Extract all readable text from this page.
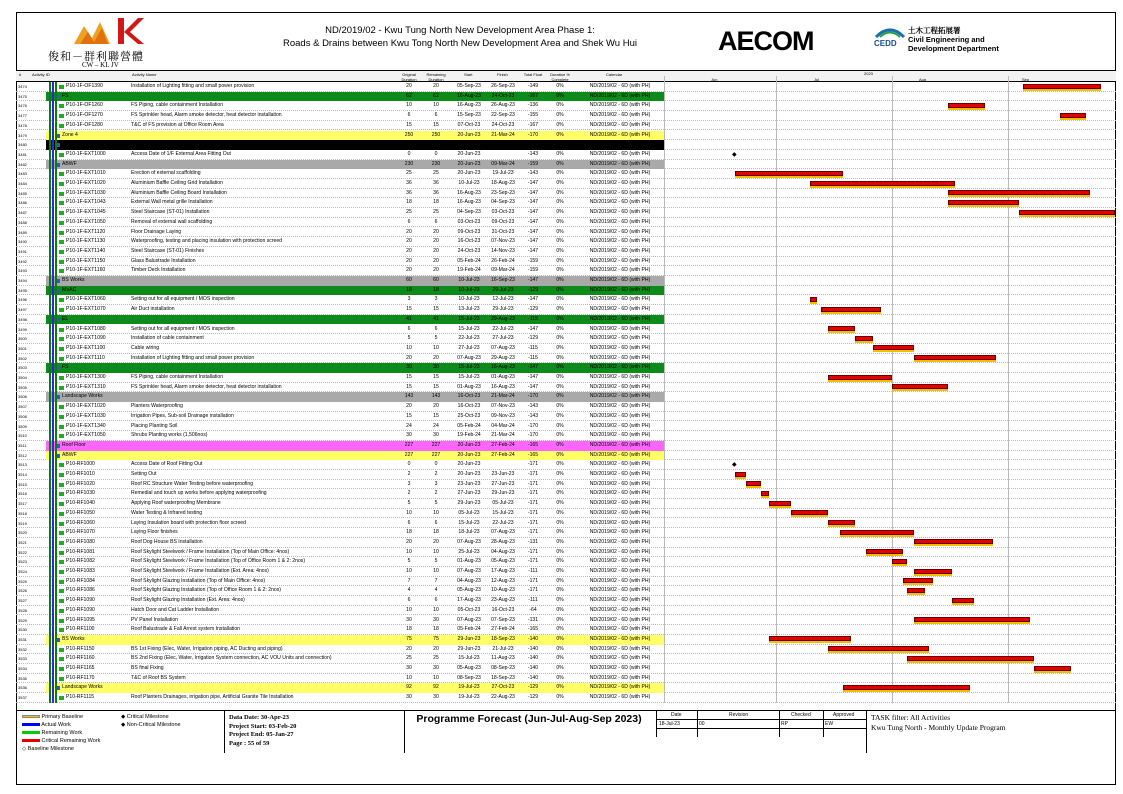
俊和－群利聯營體
CW – KL JV
ND/2019/02 - Kwu Tung North New Development Area Phase 1:
Roads & Drains between Kwu Tong North New Development Area and Shek Wu Hui	AECOM	CEDD
土木工程拓展署
Civil Engineering and
Development Department
#	Activity ID	Activity Name	Original Duration
Remaining Duration
Start	Finish	Total Float	Duration % Complete
Calendar	2023
Jun	Jul	Aug	Sep
3474	P10-1F-OF1390	Installation of Lighting fitting and small power provision	20	20	05-Sep-23	26-Sep-23	-149	0%	ND/2019/02 - 6D (with PH)
3475	FS	62	62	16-Aug-23	24-Oct-23	-167	0%	ND/2019/02 - 6D (with PH)
3476	P10-1F-OF1260	FS Piping, cable containment Installation	10	10	16-Aug-23	26-Aug-23	-136	0%	ND/2019/02 - 6D (with PH)
3477	P10-1F-OF1270	FS Sprinkler head, Alarm smoke detector, heat detector installation	6	6	15-Sep-23	22-Sep-23	-155	0%	ND/2019/02 - 6D (with PH)
3478	P10-1F-OF1280	T&C of FS provision at Office Room Area	15	15	07-Oct-23	24-Oct-23	-167	0%	ND/2019/02 - 6D (with PH)
3479	Zone 4	250	250	20-Jun-23	21-Mar-24	-170	0%	ND/2019/02 - 6D (with PH)
3480	External Area	250	250	20-Jun-23	21-Mar-24	-170	0%	ND/2019/02 - 6D (with PH)
3481	P10-1F-EXT1000	Access Date of 1/F External Area Fitting Out	0	0	20-Jun-23	-143	0%	ND/2019/02 - 6D (with PH)
3482	ABWF	230	230	20-Jun-23	09-Mar-24	-159	0%	ND/2019/02 - 6D (with PH)
3483	P10-1F-EXT1010	Erection of external scaffolding	25	25	20-Jun-23	19-Jul-23	-143	0%	ND/2019/02 - 6D (with PH)
3484	P10-1F-EXT1020	Aluminium Baffle Ceiling Grid Installation	36	36	10-Jul-23	18-Aug-23	-147	0%	ND/2019/02 - 6D (with PH)
3485	P10-1F-EXT1030	Aluminium Baffle Ceiling Board Installation	36	36	16-Aug-23	23-Sep-23	-147	0%	ND/2019/02 - 6D (with PH)
3486	P10-1F-EXT1043	External Wall metal grille Installation	18	18	16-Aug-23	04-Sep-23	-147	0%	ND/2019/02 - 6D (with PH)
3487	P10-1F-EXT1045	Steel Staircase (ST-01) Installation	25	25	04-Sep-23	03-Oct-23	-147	0%	ND/2019/02 - 6D (with PH)
3488	P10-1F-EXT1050	Removal of external wall scaffolding	6	6	03-Oct-23	09-Oct-23	-147	0%	ND/2019/02 - 6D (with PH)
3489	P10-1F-EXT1120	Floor Drainage Laying	20	20	09-Oct-23	31-Oct-23	-147	0%	ND/2019/02 - 6D (with PH)
3490	P10-1F-EXT1130	Waterproofing, testing and placing insulation with protection screed	20	20	16-Oct-23	07-Nov-23	-147	0%	ND/2019/02 - 6D (with PH)
3491	P10-1F-EXT1140	Steel Staircase (ST-01) Finishes	20	20	24-Oct-23	14-Nov-23	-147	0%	ND/2019/02 - 6D (with PH)
3492	P10-1F-EXT1150	Glass Balustrade Installation	20	20	05-Feb-24	26-Feb-24	-159	0%	ND/2019/02 - 6D (with PH)
3493	P10-1F-EXT1160	Timber Deck Installation	20	20	19-Feb-24	09-Mar-24	-159	0%	ND/2019/02 - 6D (with PH)
3494	BS Works	60	60	10-Jul-23	16-Sep-23	-147	0%	ND/2019/02 - 6D (with PH)
3495	MVAC	18	18	10-Jul-23	29-Jul-23	-129	0%	ND/2019/02 - 6D (with PH)
3496	P10-1F-EXT1060	Setting out for all equipment / MOS inspection	3	3	10-Jul-23	12-Jul-23	-147	0%	ND/2019/02 - 6D (with PH)
3497	P10-1F-EXT1070	Air Duct installation	15	15	13-Jul-23	29-Jul-23	-129	0%	ND/2019/02 - 6D (with PH)
3498	EL	41	41	15-Jul-23	29-Aug-23	-115	0%	ND/2019/02 - 6D (with PH)
3499	P10-1F-EXT1080	Setting out for all equipment / MOS inspection	6	6	15-Jul-23	22-Jul-23	-147	0%	ND/2019/02 - 6D (with PH)
3500	P10-1F-EXT1090	Installation of cable containment	5	5	22-Jul-23	27-Jul-23	-129	0%	ND/2019/02 - 6D (with PH)
3501	P10-1F-EXT1100	Cable wiring	10	10	27-Jul-23	07-Aug-23	-115	0%	ND/2019/02 - 6D (with PH)
3502	P10-1F-EXT1110	Installation of Lighting fitting and small power provision	20	20	07-Aug-23	29-Aug-23	-115	0%	ND/2019/02 - 6D (with PH)
3503	FS	30	30	15-Jul-23	16-Aug-23	-147	0%	ND/2019/02 - 6D (with PH)
3504	P10-1F-EXT1300	FS Piping, cable containment Installation	15	15	15-Jul-23	01-Aug-23	-147	0%	ND/2019/02 - 6D (with PH)
3505	P10-1F-EXT1310	FS Sprinkler head, Alarm smoke detector, heat detector installation	15	15	01-Aug-23	16-Aug-23	-147	0%	ND/2019/02 - 6D (with PH)
3506	Landscape Works	143	143	16-Oct-23	21-Mar-24	-170	0%	ND/2019/02 - 6D (with PH)
3507	P10-1F-EXT1020	Planters Waterproofing	20	20	16-Oct-23	07-Nov-23	-143	0%	ND/2019/02 - 6D (with PH)
3508	P10-1F-EXT1030	Irrigation Pipes, Sub-soil Drainage installation	15	15	25-Oct-23	09-Nov-23	-143	0%	ND/2019/02 - 6D (with PH)
3509	P10-1F-EXT1340	Placing Planting Soil	24	24	05-Feb-24	04-Mar-24	-170	0%	ND/2019/02 - 6D (with PH)
3510	P10-1F-EXT1050	Shrubs Planting works (1,506nos)	30	30	19-Feb-24	21-Mar-24	-170	0%	ND/2019/02 - 6D (with PH)
3511	Roof Floor	227	227	20-Jun-23	27-Feb-24	-165	0%	ND/2019/02 - 6D (with PH)
3512	ABWF	227	227	20-Jun-23	27-Feb-24	-165	0%	ND/2019/02 - 6D (with PH)
3513	P10-RF1000	Access Date of Roof Fitting Out	0	0	20-Jun-23	-171	0%	ND/2019/02 - 6D (with PH)
3514	P10-RF1010	Setting Out	2	2	20-Jun-23	23-Jun-23	-171	0%	ND/2019/02 - 6D (with PH)
3515	P10-RF1020	Roof RC Structure Water Testing before waterproofing	3	3	23-Jun-23	27-Jun-23	-171	0%	ND/2019/02 - 6D (with PH)
3516	P10-RF1030	Remedial and touch up works before applying waterproofing	2	2	27-Jun-23	29-Jun-23	-171	0%	ND/2019/02 - 6D (with PH)
3517	P10-RF1040	Applying Roof waterproofing Membrane	5	5	29-Jun-23	05-Jul-23	-171	0%	ND/2019/02 - 6D (with PH)
3518	P10-RF1050	Water Testing & Infrared testing	10	10	05-Jul-23	15-Jul-23	-171	0%	ND/2019/02 - 6D (with PH)
3519	P10-RF1060	Laying Insulation board with protection floor screed	6	6	15-Jul-23	22-Jul-23	-171	0%	ND/2019/02 - 6D (with PH)
3520	P10-RF1070	Laying Floor finishes	18	18	18-Jul-23	07-Aug-23	-171	0%	ND/2019/02 - 6D (with PH)
3521	P10-RF1080	Roof Dog House BS Installation	20	20	07-Aug-23	28-Aug-23	-131	0%	ND/2019/02 - 6D (with PH)
3522	P10-RF1081	Roof Skylight Steelwork / Frame Installation (Top of Main Office: 4nos)	10	10	25-Jul-23	04-Aug-23	-171	0%	ND/2019/02 - 6D (with PH)
3523	P10-RF1082	Roof Skylight Steelwork / Frame Installation (Top of Office Room 1 & 2: 2nos)	5	5	01-Aug-23	05-Aug-23	-171	0%	ND/2019/02 - 6D (with PH)
3524	P10-RF1083	Roof Skylight Steelwork / Frame Installation (Ext. Area: 4nos)	10	10	07-Aug-23	17-Aug-23	-111	0%	ND/2019/02 - 6D (with PH)
3525	P10-RF1084	Roof Skylight Glazing Installation (Top of Main Office: 4nos)	7	7	04-Aug-23	12-Aug-23	-171	0%	ND/2019/02 - 6D (with PH)
3526	P10-RF1086	Roof Skylight Glazing Installation (Top of Office Room 1 & 2: 2nos)	4	4	05-Aug-23	10-Aug-23	-171	0%	ND/2019/02 - 6D (with PH)
3527	P10-RF1090	Roof Skylight Glazing Installation (Ext. Area: 4nos)	6	6	17-Aug-23	23-Aug-23	-111	0%	ND/2019/02 - 6D (with PH)
3528	P10-RF1090	Hatch Door and Cat Ladder Installation	10	10	05-Oct-23	16-Oct-23	-64	0%	ND/2019/02 - 6D (with PH)
3529	P10-RF1095	PV Panel Installation	30	30	07-Aug-23	07-Sep-23	-131	0%	ND/2019/02 - 6D (with PH)
3530	P10-RF1100	Roof Balustrade & Fall Arrest system Installation	18	18	05-Feb-24	27-Feb-24	-165	0%	ND/2019/02 - 6D (with PH)
3531	BS Works	75	75	29-Jun-23	18-Sep-23	-140	0%	ND/2019/02 - 6D (with PH)
3532	P10-RF1150	BS 1st Fixing (Elec, Water, Irrigation piping, AC Ducting and piping)	20	20	29-Jun-23	21-Jul-23	-140	0%	ND/2019/02 - 6D (with PH)
3533	P10-RF1160	BS 2nd Fixing (Elec, Water, Irrigation System connection, AC VOU Units and connection)	25	25	15-Jul-23	11-Aug-23	-140	0%	ND/2019/02 - 6D (with PH)
3534	P10-RF1165	BS final Fixing	30	30	05-Aug-23	08-Sep-23	-140	0%	ND/2019/02 - 6D (with PH)
3535	P10-RF1170	T&C of Roof BS System	10	10	08-Sep-23	18-Sep-23	-140	0%	ND/2019/02 - 6D (with PH)
3536	Landscape Works	92	92	19-Jul-23	27-Oct-23	-129	0%	ND/2019/02 - 6D (with PH)
3537	P10-RF1115	Roof Planters Drainages, irrigation pipe, Artificial Granite Tile Installation	30	30	19-Jul-23	22-Aug-23	-129	0%	ND/2019/02 - 6D (with PH)
◆
◆
Primary Baseline
Actual Work
Remaining Work
Critical Remaining Work
◇ Baseline Milestone
◆ Critical Milestone
◆ Non-Critical Milestone
Data Date: 30-Apr-23
Project Start: 03-Feb-20
Project End: 05-Jan-27
Page : 55 of 59
Programme Forecast (Jun-Jul-Aug-Sep 2023)	Date	Revision	Checked	Approved
18-Jul-23	00	RP	EW
TASK filter: All Activities
Kwu Tung North - Monthly Update Program
